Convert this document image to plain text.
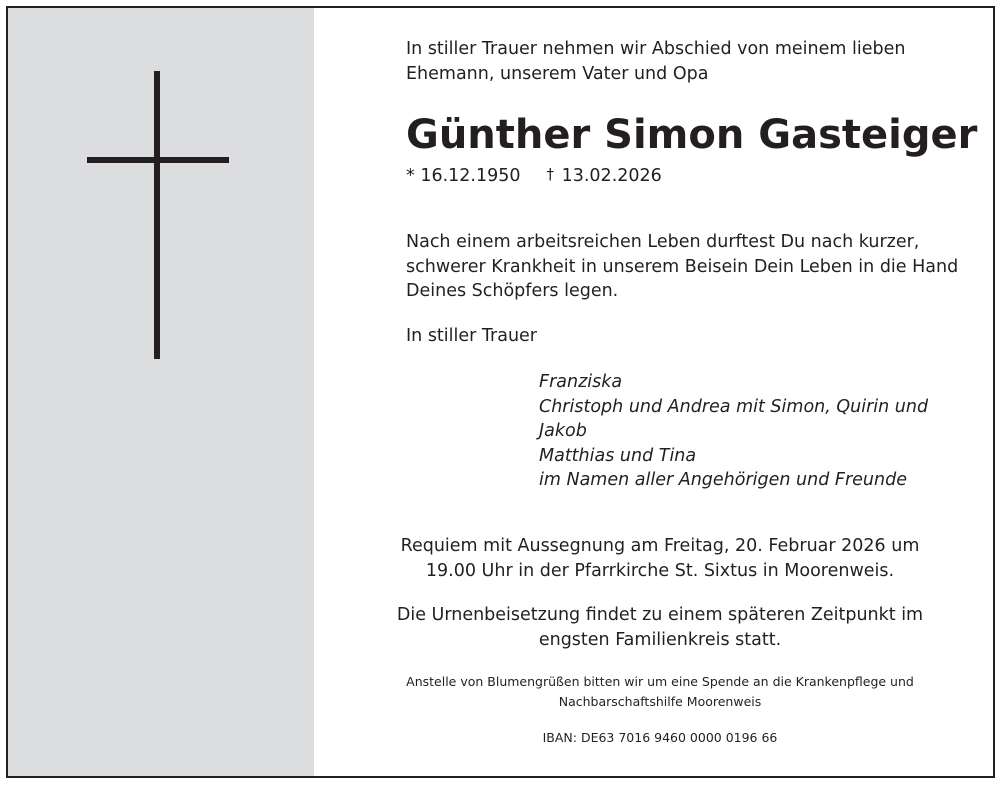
In stiller Trauer nehmen wir Abschied von meinem lieben
Ehemann, unserem Vater und Opa
Günther Simon Gasteiger
* 16.12.1950 † 13.02.2026
Nach einem arbeitsreichen Leben durftest Du nach kurzer,
schwerer Krankheit in unserem Beisein Dein Leben in die Hand
Deines Schöpfers legen.
In stiller Trauer
Franziska
Christoph und Andrea mit Simon, Quirin und
Jakob
Matthias und Tina
im Namen aller Angehörigen und Freunde
Requiem mit Aussegnung am Freitag, 20. Februar 2026 um
19.00 Uhr in der Pfarrkirche St. Sixtus in Moorenweis.
Die Urnenbeisetzung findet zu einem späteren Zeitpunkt im
engsten Familienkreis statt.
Anstelle von Blumengrüßen bitten wir um eine Spende an die Krankenpflege und
Nachbarschaftshilfe Moorenweis
IBAN: DE63 7016 9460 0000 0196 66
